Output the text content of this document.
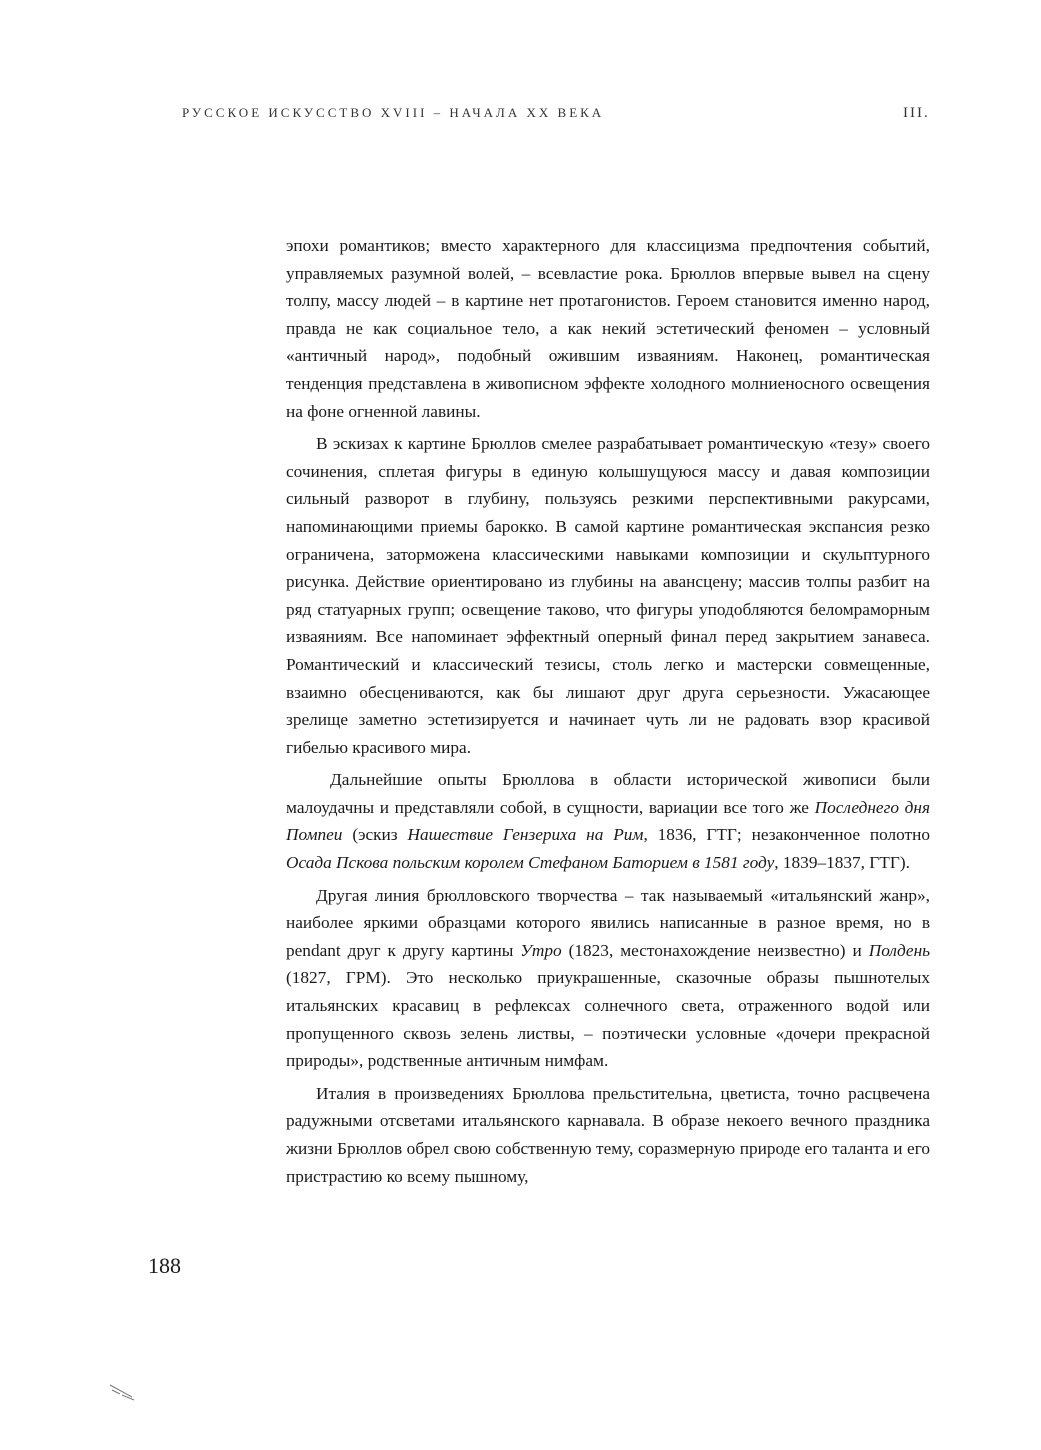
РУССКОЕ ИСКУССТВО XVIII – НАЧАЛА XX ВЕКА	III.

эпохи романтиков; вместо характерного для классицизма предпочтения событий, управляемых разумной волей, – всевластие рока. Брюллов впервые вывел на сцену толпу, массу людей – в картине нет протагонистов. Героем становится именно народ, правда не как социальное тело, а как некий эстетический феномен – условный «античный народ», подобный ожившим изваяниям. Наконец, романтическая тенденция представлена в живописном эффекте холодного молниеносного освещения на фоне огненной лавины.

В эскизах к картине Брюллов смелее разрабатывает романтическую «тезу» своего сочинения, сплетая фигуры в единую колышущуюся массу и давая композиции сильный разворот в глубину, пользуясь резкими перспективными ракурсами, напоминающими приемы барокко. В самой картине романтическая экспансия резко ограничена, заторможена классическими навыками композиции и скульптурного рисунка. Действие ориентировано из глубины на авансцену; массив толпы разбит на ряд статуарных групп; освещение таково, что фигуры уподобляются беломраморным изваяниям. Все напоминает эффектный оперный финал перед закрытием занавеса. Романтический и классический тезисы, столь легко и мастерски совмещенные, взаимно обесцениваются, как бы лишают друг друга серьезности. Ужасающее зрелище заметно эстетизируется и начинает чуть ли не радовать взор красивой гибелью красивого мира.

Дальнейшие опыты Брюллова в области исторической живописи были малоудачны и представляли собой, в сущности, вариации все того же Последнего дня Помпеи (эскиз Нашествие Гензериха на Рим, 1836, ГТГ; незаконченное полотно Осада Пскова польским королем Стефаном Баторием в 1581 году, 1839–1837, ГТГ).

Другая линия брюлловского творчества – так называемый «итальянский жанр», наиболее яркими образцами которого явились написанные в разное время, но в pendant друг к другу картины Утро (1823, местонахождение неизвестно) и Полдень (1827, ГРМ). Это несколько приукрашенные, сказочные образы пышнотелых итальянских красавиц в рефлексах солнечного света, отраженного водой или пропущенного сквозь зелень листвы, – поэтически условные «дочери прекрасной природы», родственные античным нимфам.

Италия в произведениях Брюллова прельстительна, цветиста, точно расцвечена радужными отсветами итальянского карнавала. В образе некоего вечного праздника жизни Брюллов обрел свою собственную тему, соразмерную природе его таланта и его пристрастию ко всему пышному,

188
